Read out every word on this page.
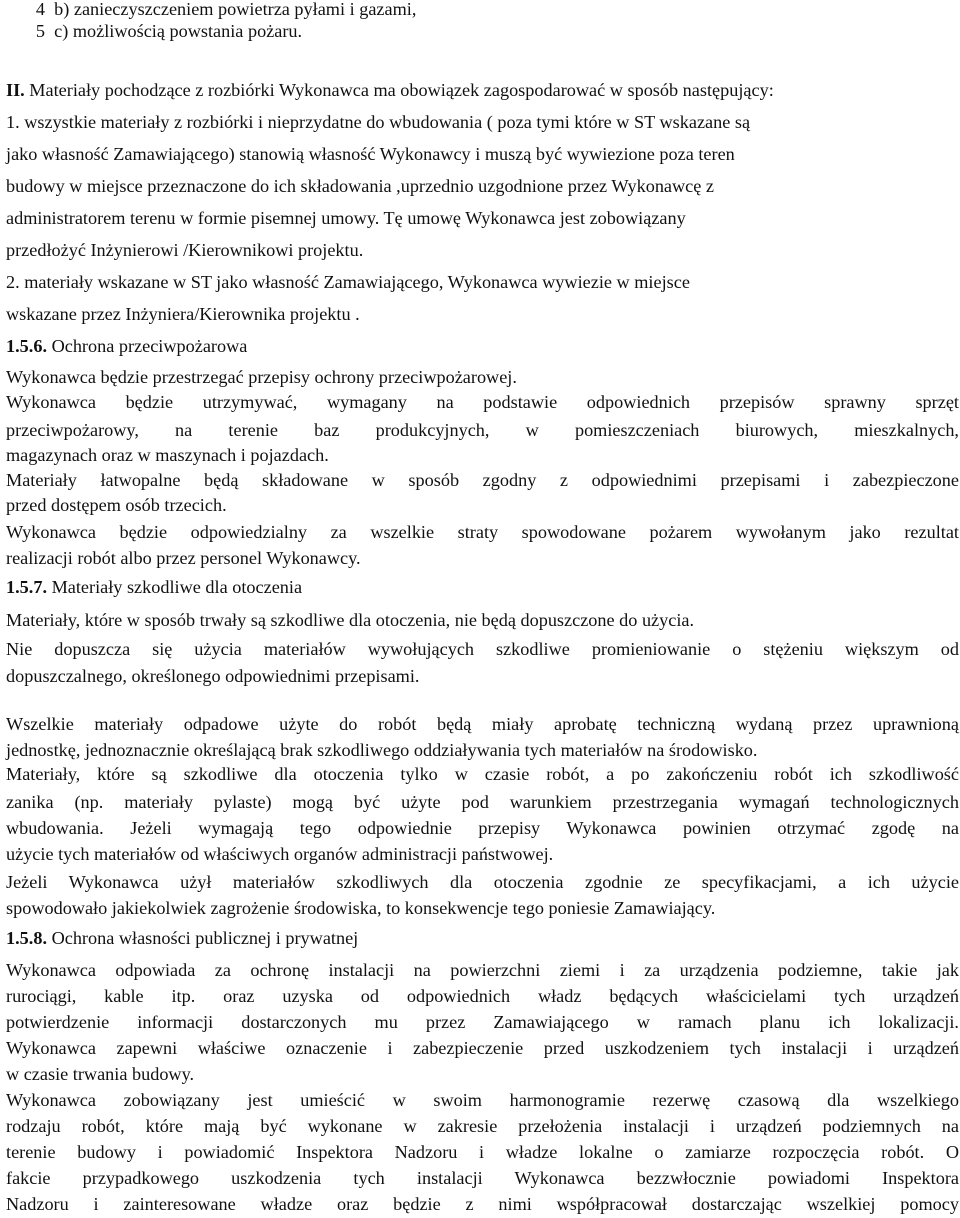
4  b) zanieczyszczeniem powietrza pyłami i gazami,
5  c) możliwością powstania pożaru.
II. Materiały pochodzące z rozbiórki Wykonawca ma obowiązek zagospodarować w sposób następujący:
1. wszystkie materiały z rozbiórki i nieprzydatne do wbudowania ( poza tymi które w ST wskazane są
jako własność Zamawiającego) stanowią własność Wykonawcy i muszą być wywiezione poza teren
budowy w miejsce przeznaczone do ich składowania ,uprzednio uzgodnione przez Wykonawcę z
administratorem terenu w formie pisemnej umowy. Tę umowę Wykonawca jest zobowiązany
przedłożyć Inżynierowi /Kierownikowi projektu.
2. materiały wskazane w ST jako własność Zamawiającego, Wykonawca wywiezie w miejsce
wskazane przez Inżyniera/Kierownika projektu .
1.5.6. Ochrona przeciwpożarowa
Wykonawca będzie przestrzegać przepisy ochrony przeciwpożarowej.
Wykonawca będzie utrzymywać, wymagany na podstawie odpowiednich przepisów sprawny sprzęt
przeciwpożarowy, na terenie baz produkcyjnych, w pomieszczeniach biurowych, mieszkalnych,
magazynach oraz w maszynach i pojazdach.
Materiały łatwopalne będą składowane w sposób zgodny z odpowiednimi przepisami i zabezpieczone
przed dostępem osób trzecich.
Wykonawca będzie odpowiedzialny za wszelkie straty spowodowane pożarem wywołanym jako rezultat
realizacji robót albo przez personel Wykonawcy.
1.5.7. Materiały szkodliwe dla otoczenia
Materiały, które w sposób trwały są szkodliwe dla otoczenia, nie będą dopuszczone do użycia.
Nie dopuszcza się użycia materiałów wywołujących szkodliwe promieniowanie o stężeniu większym od
dopuszczalnego, określonego odpowiednimi przepisami.
Wszelkie materiały odpadowe użyte do robót będą miały aprobatę techniczną wydaną przez uprawnioną
jednostkę, jednoznacznie określającą brak szkodliwego oddziaływania tych materiałów na środowisko.
Materiały, które są szkodliwe dla otoczenia tylko w czasie robót, a po zakończeniu robót ich szkodliwość
zanika (np. materiały pylaste) mogą być użyte pod warunkiem przestrzegania wymagań technologicznych
wbudowania. Jeżeli wymagają tego odpowiednie przepisy Wykonawca powinien otrzymać zgodę na
użycie tych materiałów od właściwych organów administracji państwowej.
Jeżeli Wykonawca użył materiałów szkodliwych dla otoczenia zgodnie ze specyfikacjami, a ich użycie
spowodowało jakiekolwiek zagrożenie środowiska, to konsekwencje tego poniesie Zamawiający.
1.5.8. Ochrona własności publicznej i prywatnej
Wykonawca odpowiada za ochronę instalacji na powierzchni ziemi i za urządzenia podziemne, takie jak
rurociągi, kable itp. oraz uzyska od odpowiednich władz będących właścicielami tych urządzeń
potwierdzenie informacji dostarczonych mu przez Zamawiającego w ramach planu ich lokalizacji.
Wykonawca zapewni właściwe oznaczenie i zabezpieczenie przed uszkodzeniem tych instalacji i urządzeń
w czasie trwania budowy.
Wykonawca zobowiązany jest umieścić w swoim harmonogramie rezerwę czasową dla wszelkiego
rodzaju robót, które mają być wykonane w zakresie przełożenia instalacji i urządzeń podziemnych na
terenie budowy i powiadomić Inspektora Nadzoru i władze lokalne o zamiarze rozpoczęcia robót. O
fakcie przypadkowego uszkodzenia tych instalacji Wykonawca bezzwłocznie powiadomi Inspektora
Nadzoru i zainteresowane władze oraz będzie z nimi współpracował dostarczając wszelkiej pomocy
